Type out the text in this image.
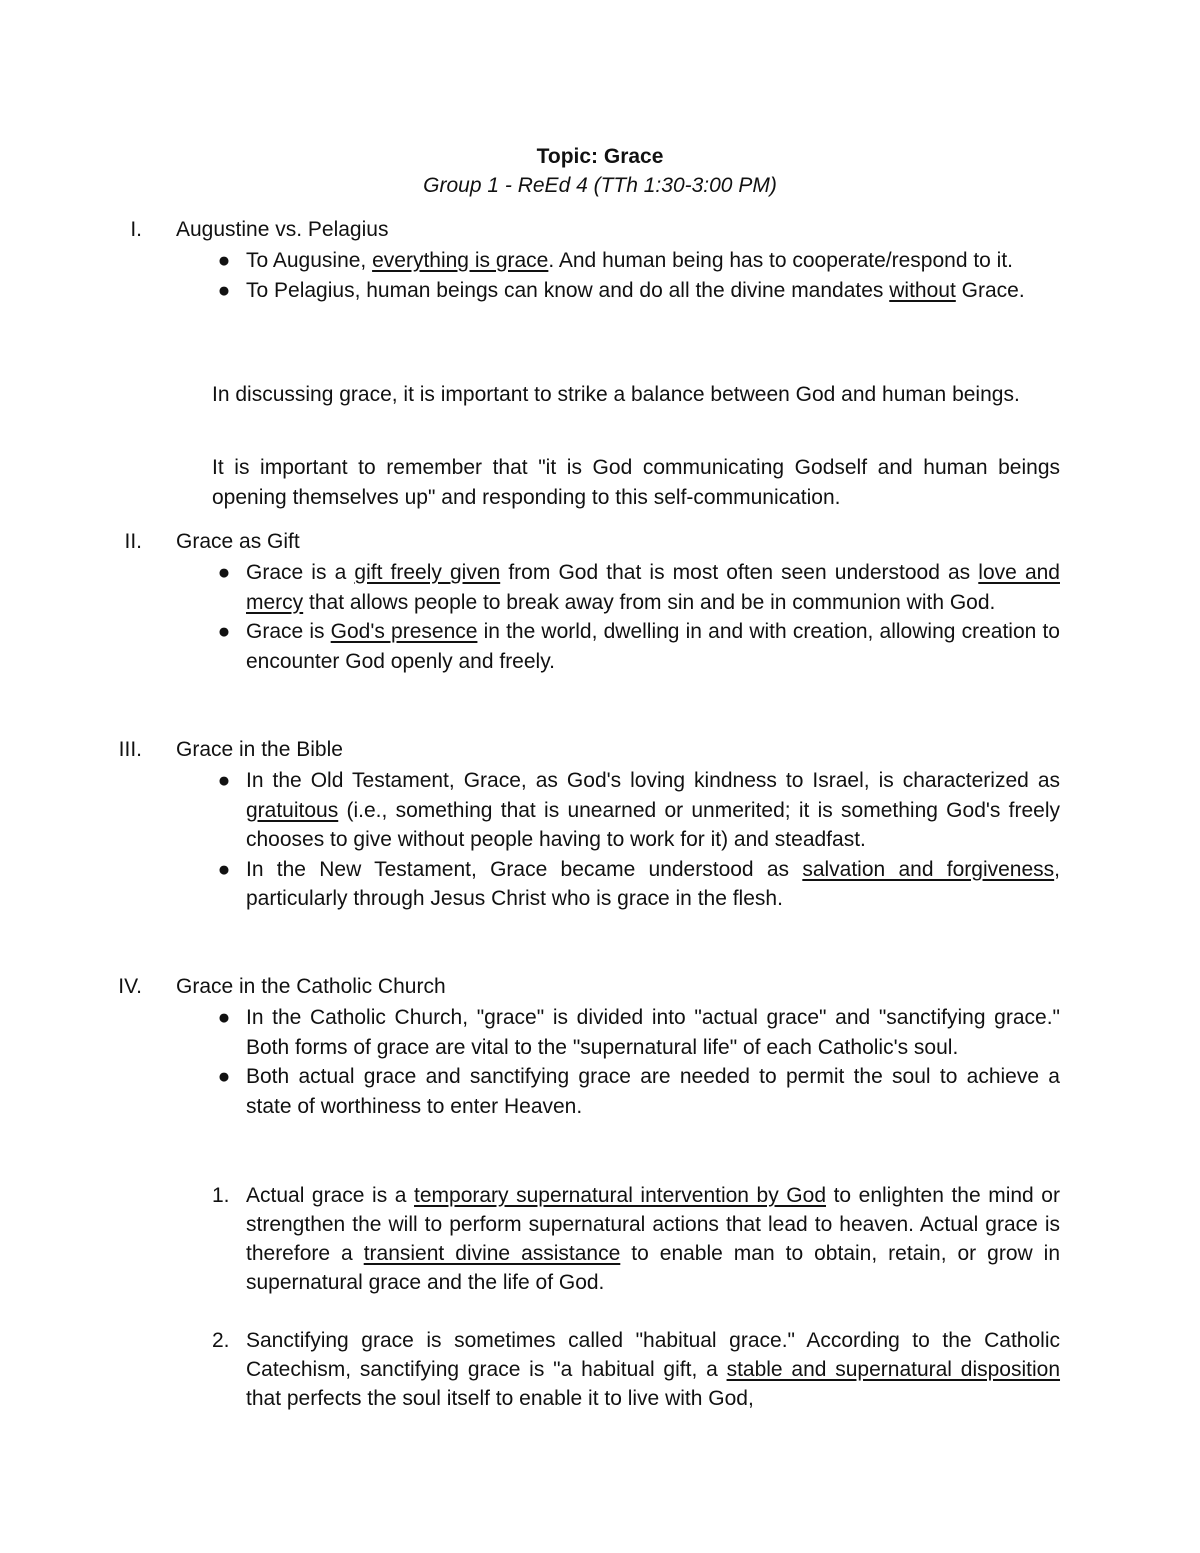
Topic: Grace
Group 1 - ReEd 4 (TTh 1:30-3:00 PM)
I. Augustine vs. Pelagius
● To Augusine, everything is grace. And human being has to cooperate/respond to it.
● To Pelagius, human beings can know and do all the divine mandates without Grace.
In discussing grace, it is important to strike a balance between God and human beings.
It is important to remember that "it is God communicating Godself and human beings opening themselves up" and responding to this self-communication.
II. Grace as Gift
● Grace is a gift freely given from God that is most often seen understood as love and mercy that allows people to break away from sin and be in communion with God.
● Grace is God's presence in the world, dwelling in and with creation, allowing creation to encounter God openly and freely.
III. Grace in the Bible
● In the Old Testament, Grace, as God's loving kindness to Israel, is characterized as gratuitous (i.e., something that is unearned or unmerited; it is something God's freely chooses to give without people having to work for it) and steadfast.
● In the New Testament, Grace became understood as salvation and forgiveness, particularly through Jesus Christ who is grace in the flesh.
IV. Grace in the Catholic Church
● In the Catholic Church, "grace" is divided into "actual grace" and "sanctifying grace." Both forms of grace are vital to the "supernatural life" of each Catholic's soul.
● Both actual grace and sanctifying grace are needed to permit the soul to achieve a state of worthiness to enter Heaven.
1. Actual grace is a temporary supernatural intervention by God to enlighten the mind or strengthen the will to perform supernatural actions that lead to heaven. Actual grace is therefore a transient divine assistance to enable man to obtain, retain, or grow in supernatural grace and the life of God.
2. Sanctifying grace is sometimes called "habitual grace." According to the Catholic Catechism, sanctifying grace is "a habitual gift, a stable and supernatural disposition that perfects the soul itself to enable it to live with God,
